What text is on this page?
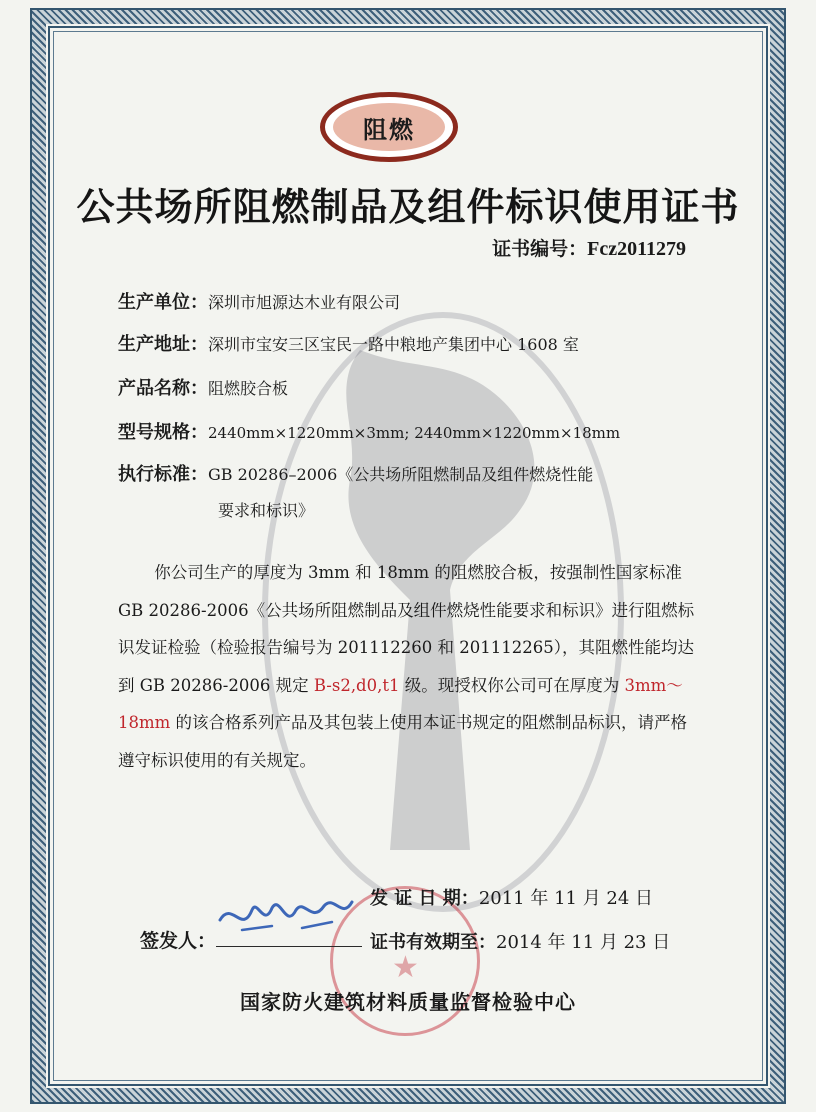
阻燃
公共场所阻燃制品及组件标识使用证书
证书编号：Fcz2011279
生产单位：深圳市旭源达木业有限公司
生产地址：深圳市宝安三区宝民一路中粮地产集团中心 1608 室
产品名称：阻燃胶合板
型号规格：2440mm×1220mm×3mm; 2440mm×1220mm×18mm
执行标准：GB 20286–2006《公共场所阻燃制品及组件燃烧性能
要求和标识》

你公司生产的厚度为 3mm 和 18mm 的阻燃胶合板，按强制性国家标准 GB 20286-2006《公共场所阻燃制品及组件燃烧性能要求和标识》进行阻燃标识发证检验（检验报告编号为 201112260 和 201112265），其阻燃性能均达到 GB 20286-2006 规定 B-s2,d0,t1 级。现授权你公司可在厚度为 3mm～18mm 的该合格系列产品及其包装上使用本证书规定的阻燃制品标识，请严格遵守标识使用的有关规定。

★
签发人：
发 证 日 期：2011 年 11 月 24 日
证书有效期至：2014 年 11 月 23 日
国家防火建筑材料质量监督检验中心
